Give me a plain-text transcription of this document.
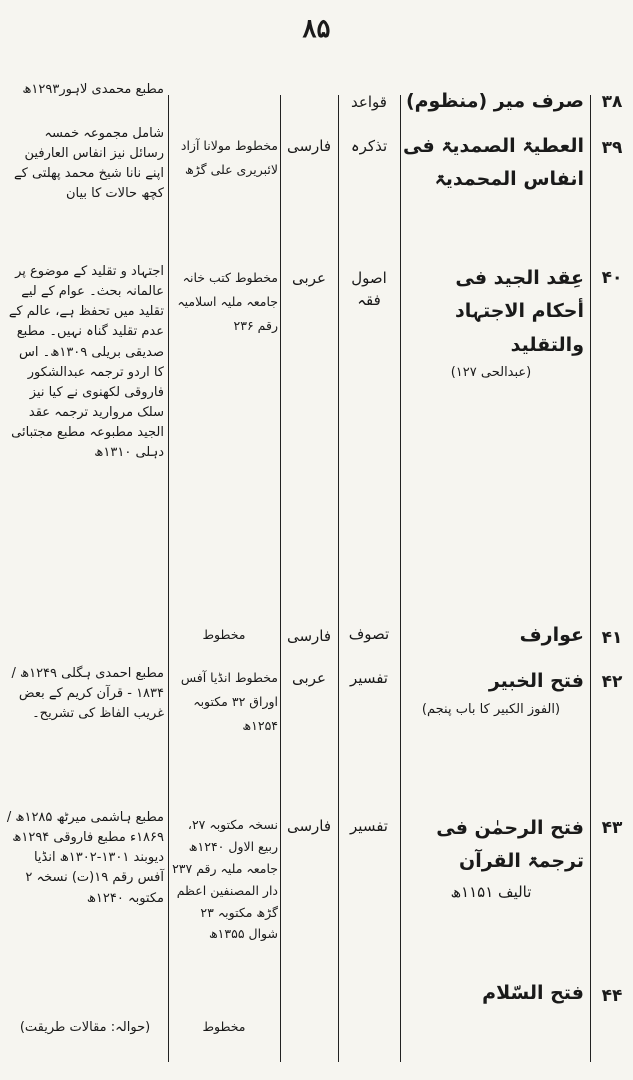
۸۵
۳۸
صرف میر (منظوم)
قواعد
مطبع محمدی لاہور۱۲۹۳ھ
۳۹
العطیۃ الصمدیۃ فی انفاس المحمدیۃ
تذکرہ
فارسی
مخطوط مولانا آزاد لائبریری علی گڑھ
شامل مجموعہ خمسہ رسائل نیز انفاس العارفین اپنے نانا شیخ محمد پھلتی کے کچھ حالات کا بیان
۴۰
عِقد الجید فی أحکام الاجتہاد والتقلید
(عبدالحی ۱۲۷)
اصول فقہ
عربی
مخطوط کتب خانہ جامعہ ملیہ اسلامیہ رقم ۲۳۶
اجتہاد و تقلید کے موضوع پر عالمانہ بحث۔ عوام کے لیے تقلید میں تحفظ ہے، عالم کے عدم تقلید گناہ نہیں۔ مطبع صدیقی بریلی ۱۳۰۹ھ۔ اس کا اردو ترجمہ عبدالشکور فاروقی لکھنوی نے کیا نیز سلک مروارید ترجمہ عقد الجید مطبوعہ مطبع مجتبائی دہلی ۱۳۱۰ھ
۴۱
عوارف
تصوف
فارسی
مخطوط
۴۲
فتح الخبیر
(الفوز الکبیر کا باب پنجم)
تفسیر
عربی
مخطوط انڈیا آفس اوراق ۳۲ مکتوبہ ۱۲۵۴ھ
مطبع احمدی ہگلی ۱۲۴۹ھ / ۱۸۳۴ - قرآن کریم کے بعض غریب الفاظ کی تشریح۔
۴۳
فتح الرحمٰن فی ترجمۃ القرآن
تالیف ۱۱۵۱ھ
تفسیر
فارسی
نسخہ مکتوبہ ۲۷، ربیع الاول ۱۲۴۰ھ جامعہ ملیہ رقم ۲۳۷ دار المصنفین اعظم گڑھ مکتوبہ ۲۳ شوال ۱۳۵۵ھ
مطبع ہاشمی میرٹھ ۱۲۸۵ھ / ۱۸۶۹ء مطبع فاروقی ۱۲۹۴ھ دیوبند ۱۳۰۱-۱۳۰۲ھ انڈیا آفس رقم ۱۹(ت) نسخہ ۲ مکتوبہ ۱۲۴۰ھ
۴۴
فتح السّلام
مخطوط
(حوالہ: مقالات طریقت)
